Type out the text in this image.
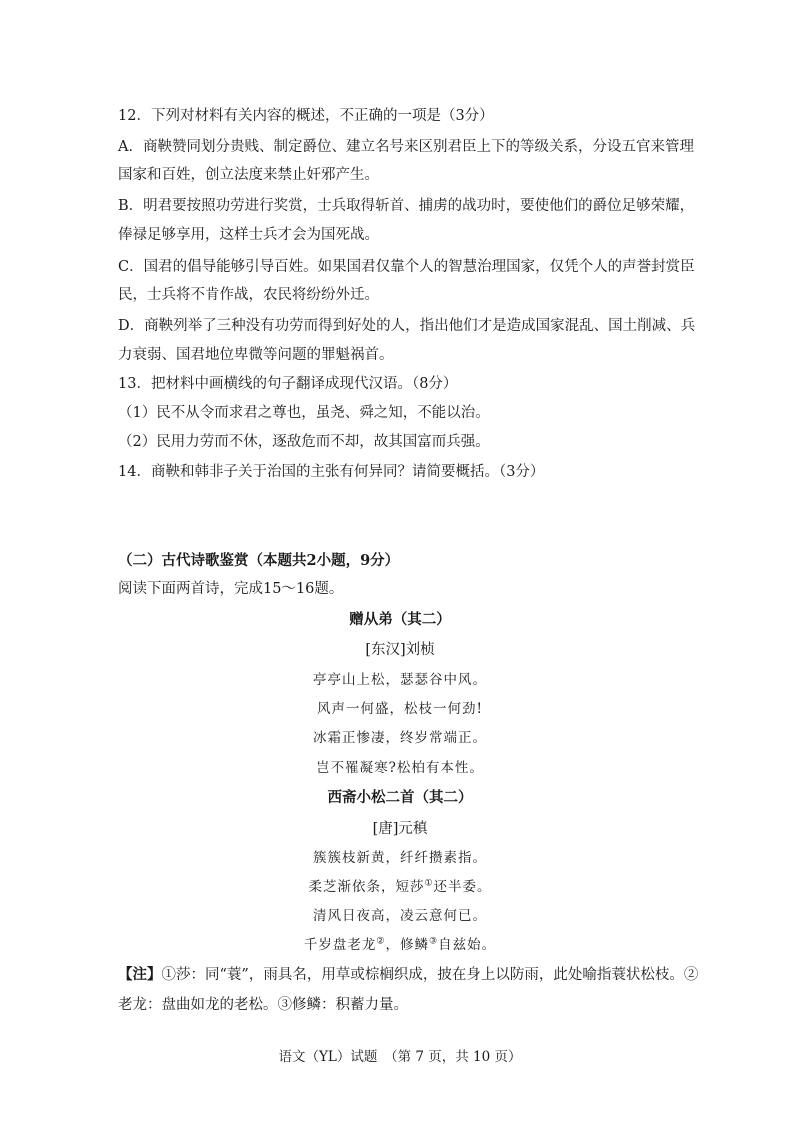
12．下列对材料有关内容的概述，不正确的一项是（3分）
A．商鞅赞同划分贵贱、制定爵位、建立名号来区别君臣上下的等级关系，分设五官来管理
国家和百姓，创立法度来禁止奸邪产生。
B．明君要按照功劳进行奖赏，士兵取得斩首、捕虏的战功时，要使他们的爵位足够荣耀，
俸禄足够享用，这样士兵才会为国死战。
C．国君的倡导能够引导百姓。如果国君仅靠个人的智慧治理国家，仅凭个人的声誉封赏臣
民，士兵将不肯作战，农民将纷纷外迁。
D．商鞅列举了三种没有功劳而得到好处的人，指出他们才是造成国家混乱、国土削减、兵
力衰弱、国君地位卑微等问题的罪魁祸首。
13．把材料中画横线的句子翻译成现代汉语。（8分）
（1）民不从令而求君之尊也，虽尧、舜之知，不能以治。
（2）民用力劳而不休，逐敌危而不却，故其国富而兵强。
14．商鞅和韩非子关于治国的主张有何异同？请简要概括。（3分）
（二）古代诗歌鉴赏（本题共2小题，9分）
阅读下面两首诗，完成15～16题。
赠从弟（其二）
[东汉]刘桢
亭亭山上松，瑟瑟谷中风。
风声一何盛，松枝一何劲!
冰霜正惨凄，终岁常端正。
岂不罹凝寒?松柏有本性。
西斋小松二首（其二）
[唐]元稹
簇簇枝新黄，纤纤攒素指。
柔芝渐依条，短莎①还半委。
清风日夜高，凌云意何已。
千岁盘老龙②，修鳞③自兹始。
【注】①莎：同“蓑”，雨具名，用草或棕榈织成，披在身上以防雨，此处喻指蓑状松枝。②
老龙：盘曲如龙的老松。③修鳞：积蓄力量。
语文（YL）试题　（第 7 页，共 10 页）
